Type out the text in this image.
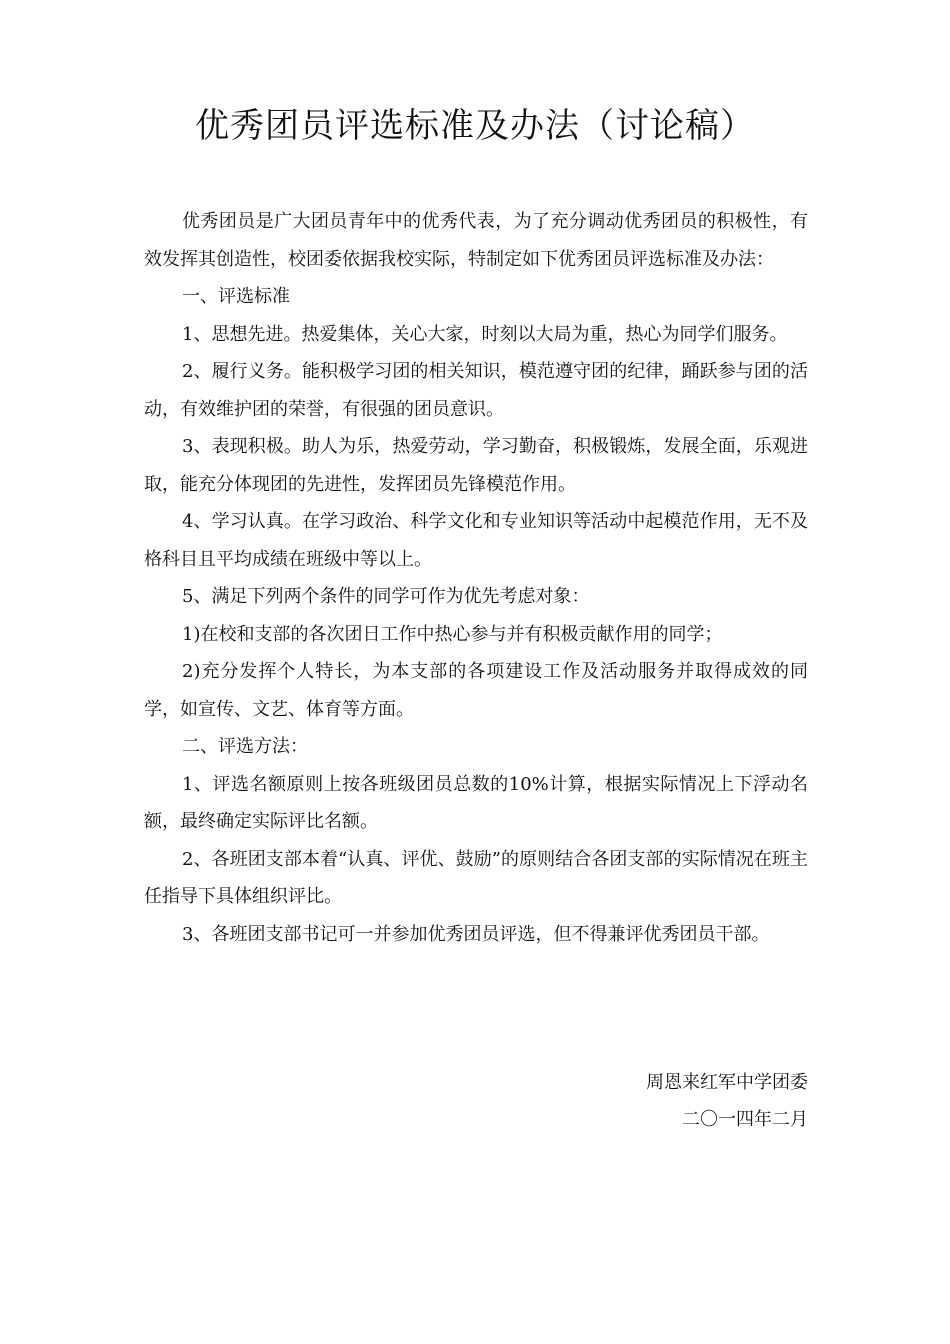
优秀团员评选标准及办法（讨论稿）

优秀团员是广大团员青年中的优秀代表，为了充分调动优秀团员的积极性，有效发挥其创造性，校团委依据我校实际，特制定如下优秀团员评选标准及办法：

一、评选标准

1、思想先进。热爱集体，关心大家，时刻以大局为重，热心为同学们服务。

2、履行义务。能积极学习团的相关知识，模范遵守团的纪律，踊跃参与团的活动，有效维护团的荣誉，有很强的团员意识。

3、表现积极。助人为乐，热爱劳动，学习勤奋，积极锻炼，发展全面，乐观进取，能充分体现团的先进性，发挥团员先锋模范作用。

4、学习认真。在学习政治、科学文化和专业知识等活动中起模范作用，无不及格科目且平均成绩在班级中等以上。

5、满足下列两个条件的同学可作为优先考虑对象：

1)在校和支部的各次团日工作中热心参与并有积极贡献作用的同学；

2)充分发挥个人特长，为本支部的各项建设工作及活动服务并取得成效的同学，如宣传、文艺、体育等方面。

二、评选方法：

1、评选名额原则上按各班级团员总数的10%计算，根据实际情况上下浮动名额，最终确定实际评比名额。

2、各班团支部本着“认真、评优、鼓励”的原则结合各团支部的实际情况在班主任指导下具体组织评比。

3、各班团支部书记可一并参加优秀团员评选，但不得兼评优秀团员干部。

周恩来红军中学团委

二〇一四年二月
